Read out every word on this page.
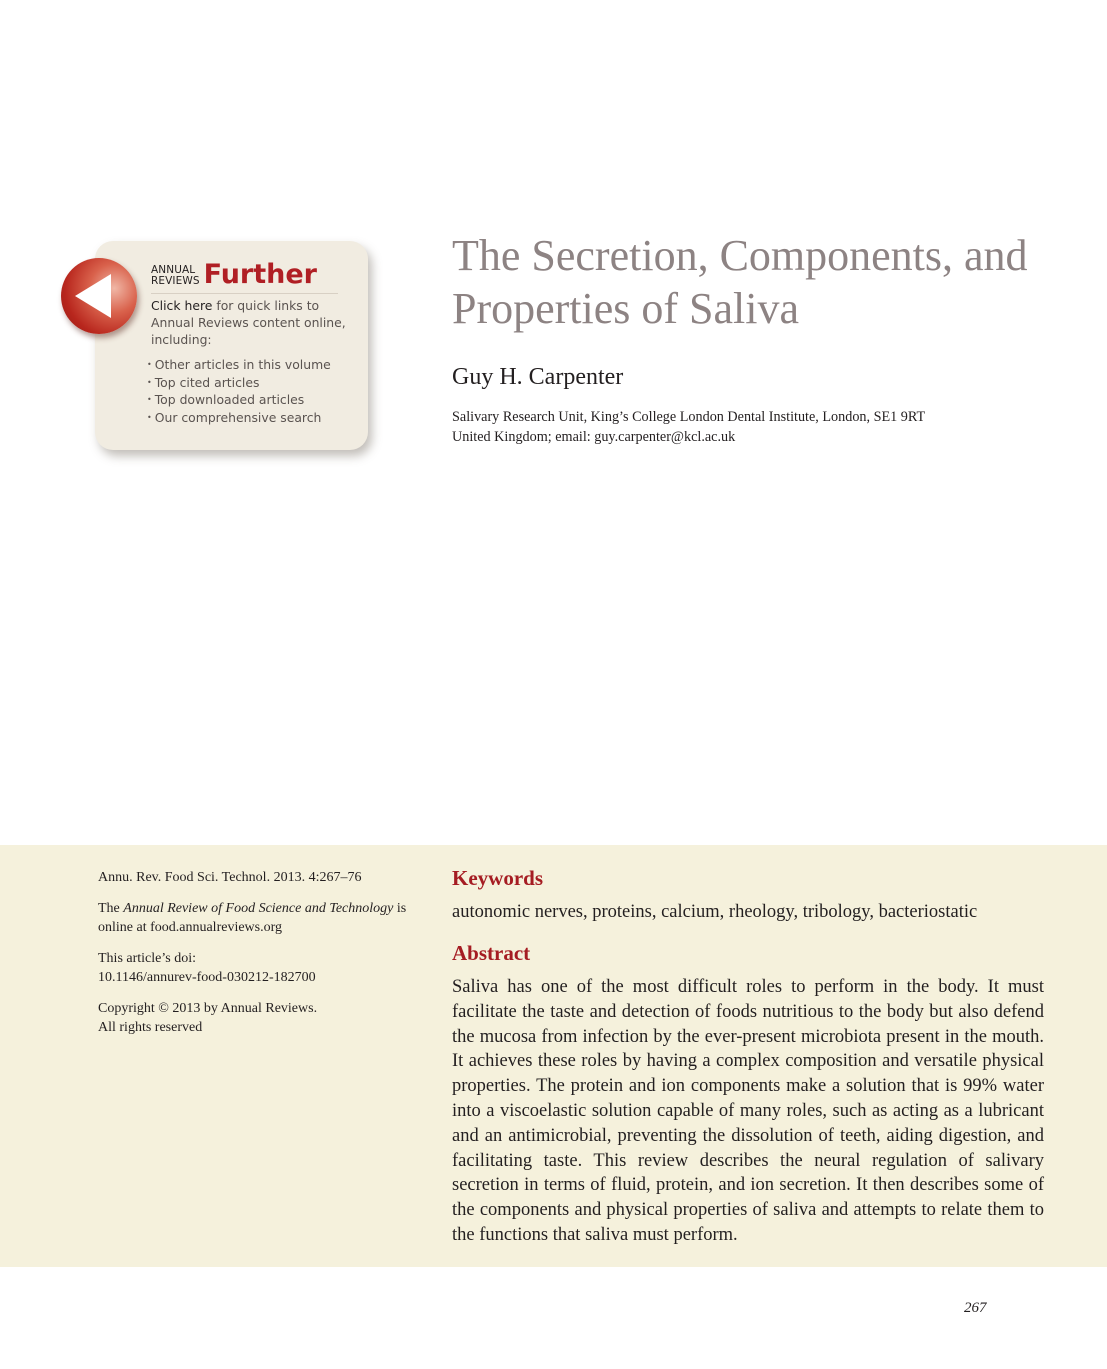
ANNUAL
REVIEWS Further
Click here for quick links to Annual Reviews content online, including:
• Other articles in this volume
• Top cited articles
• Top downloaded articles
• Our comprehensive search
The Secretion, Components, and Properties of Saliva
Guy H. Carpenter
Salivary Research Unit, King’s College London Dental Institute, London, SE1 9RT
United Kingdom; email: guy.carpenter@kcl.ac.uk

Annu. Rev. Food Sci. Technol. 2013. 4:267–76

The Annual Review of Food Science and Technology is
online at food.annualreviews.org

This article’s doi:
10.1146/annurev-food-030212-182700

Copyright © 2013 by Annual Reviews.
All rights reserved

Keywords
autonomic nerves, proteins, calcium, rheology, tribology, bacteriostatic
Abstract

Saliva has one of the most difficult roles to perform in the body. It must facilitate the taste and detection of foods nutritious to the body but also defend the mucosa from infection by the ever-present microbiota present in the mouth. It achieves these roles by having a complex composition and versatile physical properties. The protein and ion components make a solution that is 99% water into a viscoelastic solution capable of many roles, such as acting as a lubricant and an antimicrobial, preventing the dissolution of teeth, aiding digestion, and facilitating taste. This review describes the neural regulation of salivary secretion in terms of fluid, protein, and ion secretion. It then describes some of the components and physical properties of saliva and attempts to relate them to the functions that saliva must perform.

267
